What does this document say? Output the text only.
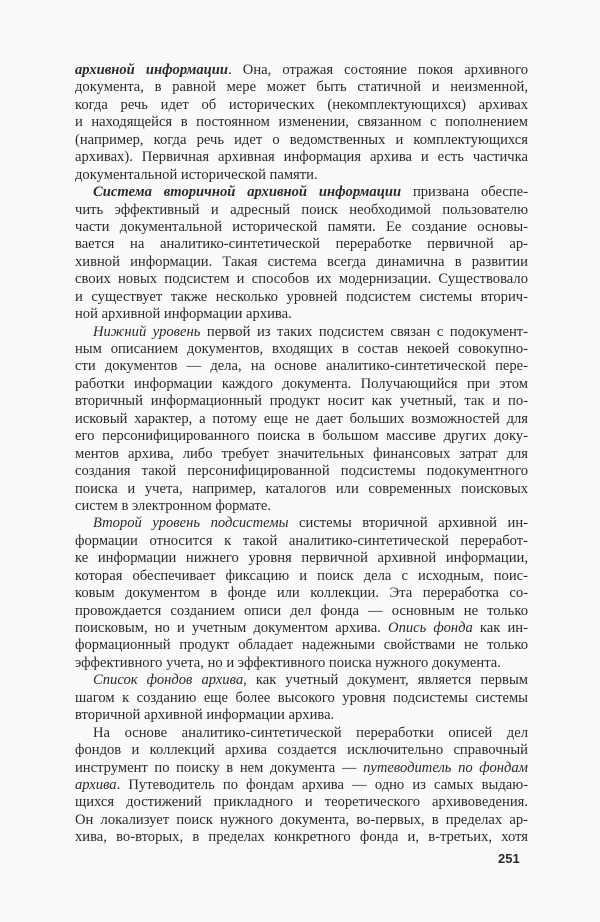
архивной информации. Она, отражая состояние покоя архивного
документа, в равной мере может быть статичной и неизменной,
когда речь идет об исторических (некомплектующихся) архивах
и находящейся в постоянном изменении, связанном с пополнением
(например, когда речь идет о ведомственных и комплектующихся
архивах). Первичная архивная информация архива и есть частичка
документальной исторической памяти.
Система вторичной архивной информации призвана обеспе-
чить эффективный и адресный поиск необходимой пользователю
части документальной исторической памяти. Ее создание основы-
вается на аналитико-синтетической переработке первичной ар-
хивной информации. Такая система всегда динамична в развитии
своих новых подсистем и способов их модернизации. Существовало
и существует также несколько уровней подсистем системы вторич-
ной архивной информации архива.
Нижний уровень первой из таких подсистем связан с подокумент-
ным описанием документов, входящих в состав некоей совокупно-
сти документов — дела, на основе аналитико-синтетической пере-
работки информации каждого документа. Получающийся при этом
вторичный информационный продукт носит как учетный, так и по-
исковый характер, а потому еще не дает больших возможностей для
его персонифицированного поиска в большом массиве других доку-
ментов архива, либо требует значительных финансовых затрат для
создания такой персонифицированной подсистемы подокументного
поиска и учета, например, каталогов или современных поисковых
систем в электронном формате.
Второй уровень подсистемы системы вторичной архивной ин-
формации относится к такой аналитико-синтетической переработ-
ке информации нижнего уровня первичной архивной информации,
которая обеспечивает фиксацию и поиск дела с исходным, поис-
ковым документом в фонде или коллекции. Эта переработка со-
провождается созданием описи дел фонда — основным не только
поисковым, но и учетным документом архива. Опись фонда как ин-
формационный продукт обладает надежными свойствами не только
эффективного учета, но и эффективного поиска нужного документа.
Список фондов архива, как учетный документ, является первым
шагом к созданию еще более высокого уровня подсистемы системы
вторичной архивной информации архива.
На основе аналитико-синтетической переработки описей дел
фондов и коллекций архива создается исключительно справочный
инструмент по поиску в нем документа — путеводитель по фондам
архива. Путеводитель по фондам архива — одно из самых выдаю-
щихся достижений прикладного и теоретического архивоведения.
Он локализует поиск нужного документа, во-первых, в пределах ар-
хива, во-вторых, в пределах конкретного фонда и, в-третьих, хотя
251
